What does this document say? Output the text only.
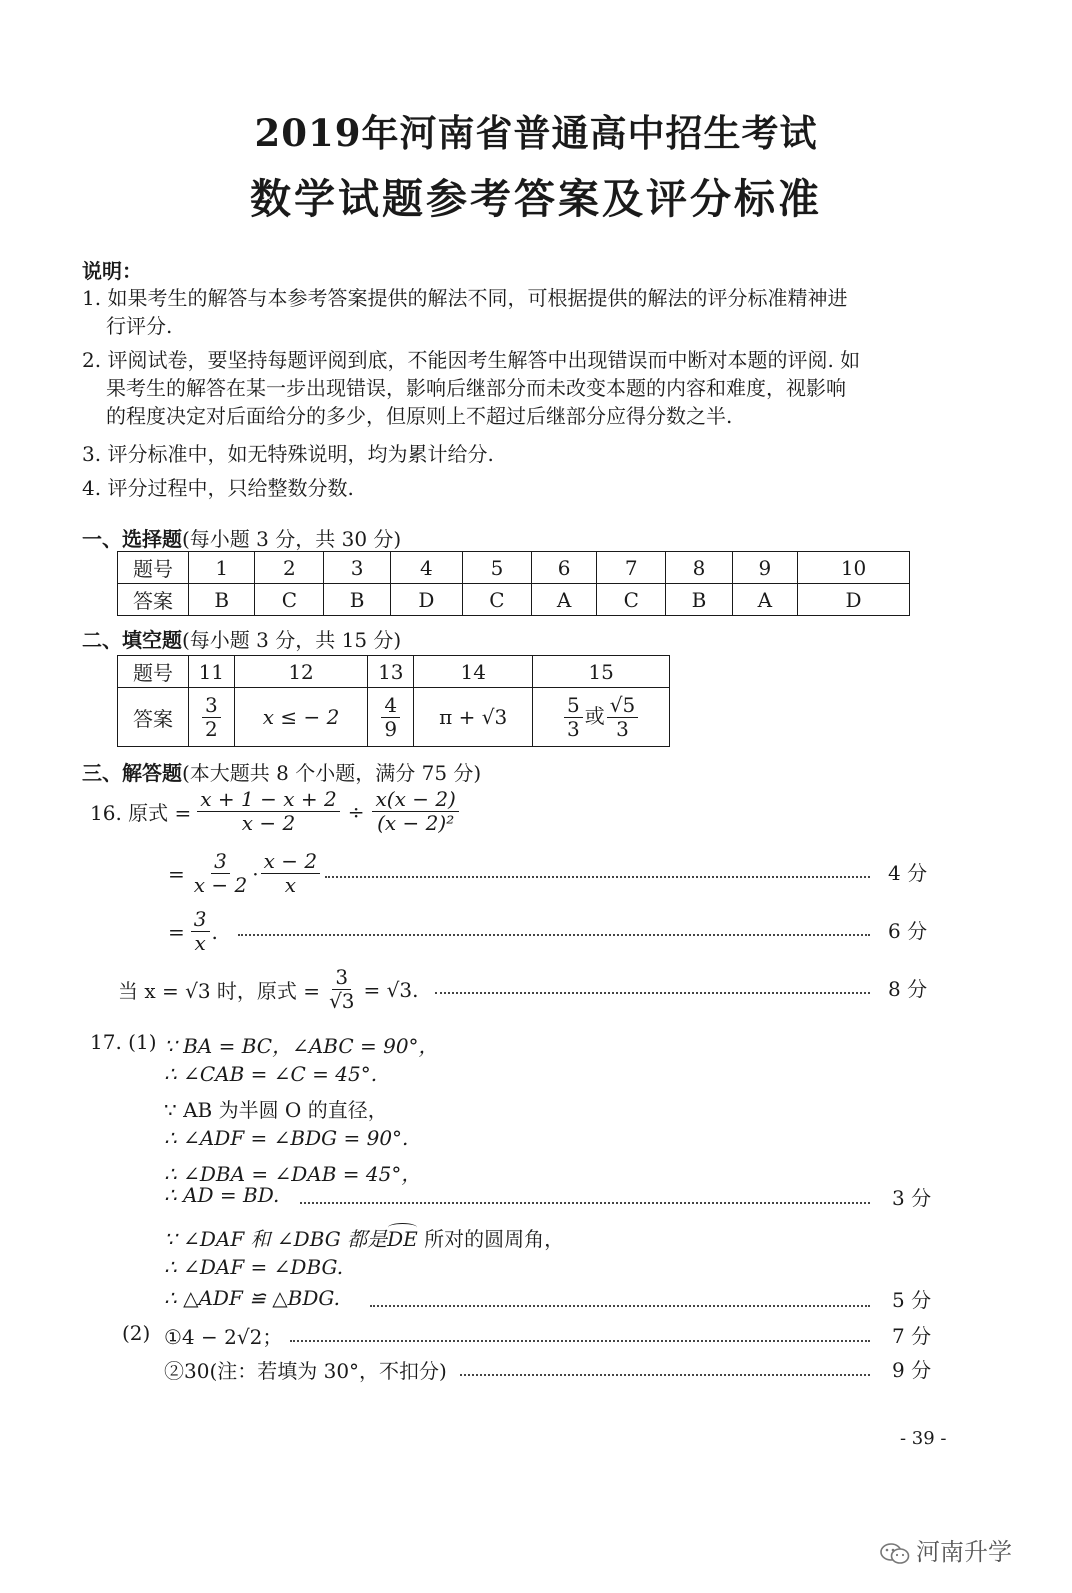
2019年河南省普通高中招生考试
数学试题参考答案及评分标准
说明：
1. 如果考生的解答与本参考答案提供的解法不同，可根据提供的解法的评分标准精神进
行评分.
2. 评阅试卷，要坚持每题评阅到底，不能因考生解答中出现错误而中断对本题的评阅. 如
果考生的解答在某一步出现错误，影响后继部分而未改变本题的内容和难度，视影响
的程度决定对后面给分的多少，但原则上不超过后继部分应得分数之半.
3. 评分标准中，如无特殊说明，均为累计给分.
4. 评分过程中，只给整数分数.
一、选择题(每小题 3 分，共 30 分)
题号	1	2	3	4	5	6	7	8	9	10
答案	B	C	B	D	C	A	C	B	A	D
二、填空题(每小题 3 分，共 15 分)
题号	11	12	13	14	15
答案	$\frac{3}{2}$	x ≤ − 2	$\frac{4}{9}$	π + √3	$\frac{5}{3}$ 或 $\frac{√5}{3}$
三、解答题(本大题共 8 个小题，满分 75 分)
16. 原式 = $\frac{x + 1 - x + 2}{x - 2} \div \frac{x(x - 2)}{\text{(x − 2)²}}$
= $\frac{3}{x - 2} \cdot \frac{x - 2}{x}$	4 分
= $\frac{3}{x}$ .	6 分
当 x = √3 时，原式 = $\frac{3}{√3} = √3$.	8 分
17. (1) ∵ BA = BC，∠ABC = 90°，
∴ ∠CAB = ∠C = 45°.
∵ AB 为半圆 O 的直径，
∴ ∠ADF = ∠BDG = 90°.
∴ ∠DBA = ∠DAB = 45°，
∴ AD = BD.	3 分
∵ ∠DAF 和 ∠DBG 都是DE 所对的圆周角，
∴ ∠DAF = ∠DBG.
∴ △ADF ≌ △BDG.	5 分
(2) ①4 − 2√2；	7 分
②30(注：若填为 30°，不扣分)	9 分
- 39 -
河南升学
